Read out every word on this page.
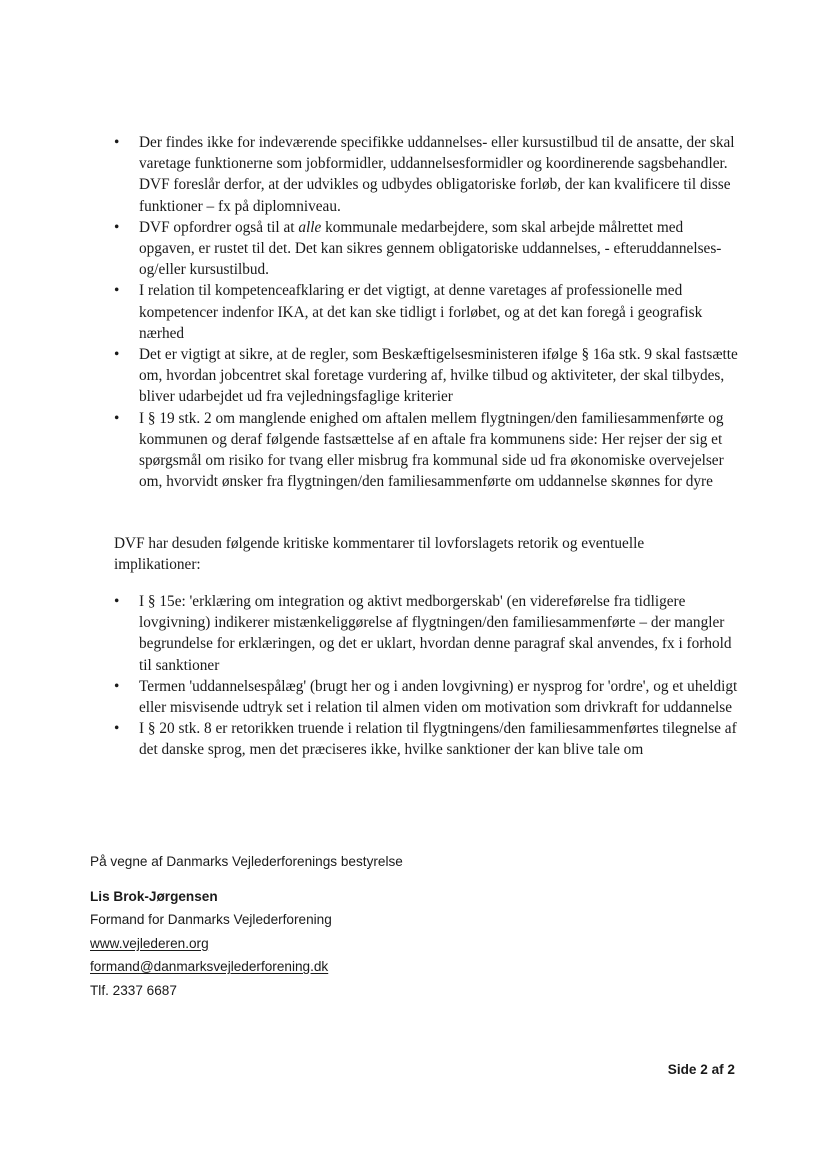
• Der findes ikke for indeværende specifikke uddannelses- eller kursustilbud til de ansatte, der skal varetage funktionerne som jobformidler, uddannelsesformidler og koordinerende sagsbehandler. DVF foreslår derfor, at der udvikles og udbydes obligatoriske forløb, der kan kvalificere til disse funktioner – fx på diplomniveau.
• DVF opfordrer også til at alle kommunale medarbejdere, som skal arbejde målrettet med opgaven, er rustet til det. Det kan sikres gennem obligatoriske uddannelses, - efteruddannelses- og/eller kursustilbud.
• I relation til kompetenceafklaring er det vigtigt, at denne varetages af professionelle med kompetencer indenfor IKA, at det kan ske tidligt i forløbet, og at det kan foregå i geografisk nærhed
• Det er vigtigt at sikre, at de regler, som Beskæftigelsesministeren ifølge § 16a stk. 9 skal fastsætte om, hvordan jobcentret skal foretage vurdering af, hvilke tilbud og aktiviteter, der skal tilbydes, bliver udarbejdet ud fra vejledningsfaglige kriterier
• I § 19 stk. 2 om manglende enighed om aftalen mellem flygtningen/den familiesammenførte og kommunen og deraf følgende fastsættelse af en aftale fra kommunens side: Her rejser der sig et spørgsmål om risiko for tvang eller misbrug fra kommunal side ud fra økonomiske overvejelser om, hvorvidt ønsker fra flygtningen/den familiesammenførte om uddannelse skønnes for dyre

DVF har desuden følgende kritiske kommentarer til lovforslagets retorik og eventuelle implikationer:

• I § 15e: 'erklæring om integration og aktivt medborgerskab' (en videreførelse fra tidligere lovgivning) indikerer mistænkeliggørelse af flygtningen/den familiesammenførte – der mangler begrundelse for erklæringen, og det er uklart, hvordan denne paragraf skal anvendes, fx i forhold til sanktioner
• Termen 'uddannelsespålæg' (brugt her og i anden lovgivning) er nysprog for 'ordre', og et uheldigt eller misvisende udtryk set i relation til almen viden om motivation som drivkraft for uddannelse
• I § 20 stk. 8 er retorikken truende i relation til flygtningens/den familiesammenførtes tilegnelse af det danske sprog, men det præciseres ikke, hvilke sanktioner der kan blive tale om

På vegne af Danmarks Vejlederforenings bestyrelse

Lis Brok-Jørgensen

Formand for Danmarks Vejlederforening

www.vejlederen.org

formand@danmarksvejlederforening.dk

Tlf. 2337 6687

Side 2 af 2
